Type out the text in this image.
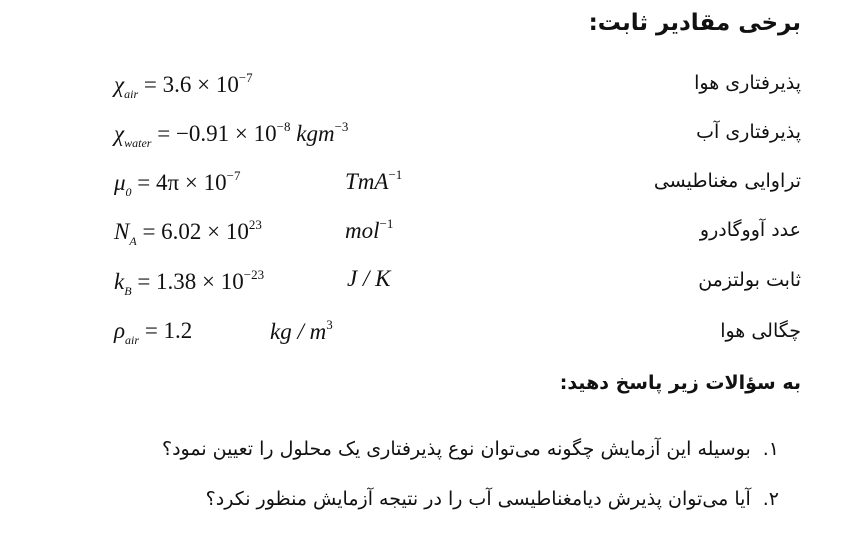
برخی مقادیر ثابت:
پذیرفتاری هوا
$\chi_{air} = 3.6 \times 10^{-7}$
پذیرفتاری آب
$\chi_{water} = -0.91 \times 10^{-8}$ kgm$^{-3}$
تراوایی مغناطیسی
$\mu_0 = 4\pi \times 10^{-7}$	TmA$^{-1}$
عدد آووگادرو
$N_A = 6.02 \times 10^{23}$	mol$^{-1}$
ثابت بولتزمن
$k_B = 1.38 \times 10^{-23}$	J / K
چگالی هوا
$\rho_{air} = 1.2$	kg / $m^3$
به سؤالات زیر پاسخ دهید:
۱.بوسیله این آزمایش چگونه می‌توان نوع پذیرفتاری یک محلول را تعیین نمود؟
۲.آیا می‌توان پذیرش دیامغناطیسی آب را در نتیجه آزمایش منظور نکرد؟
